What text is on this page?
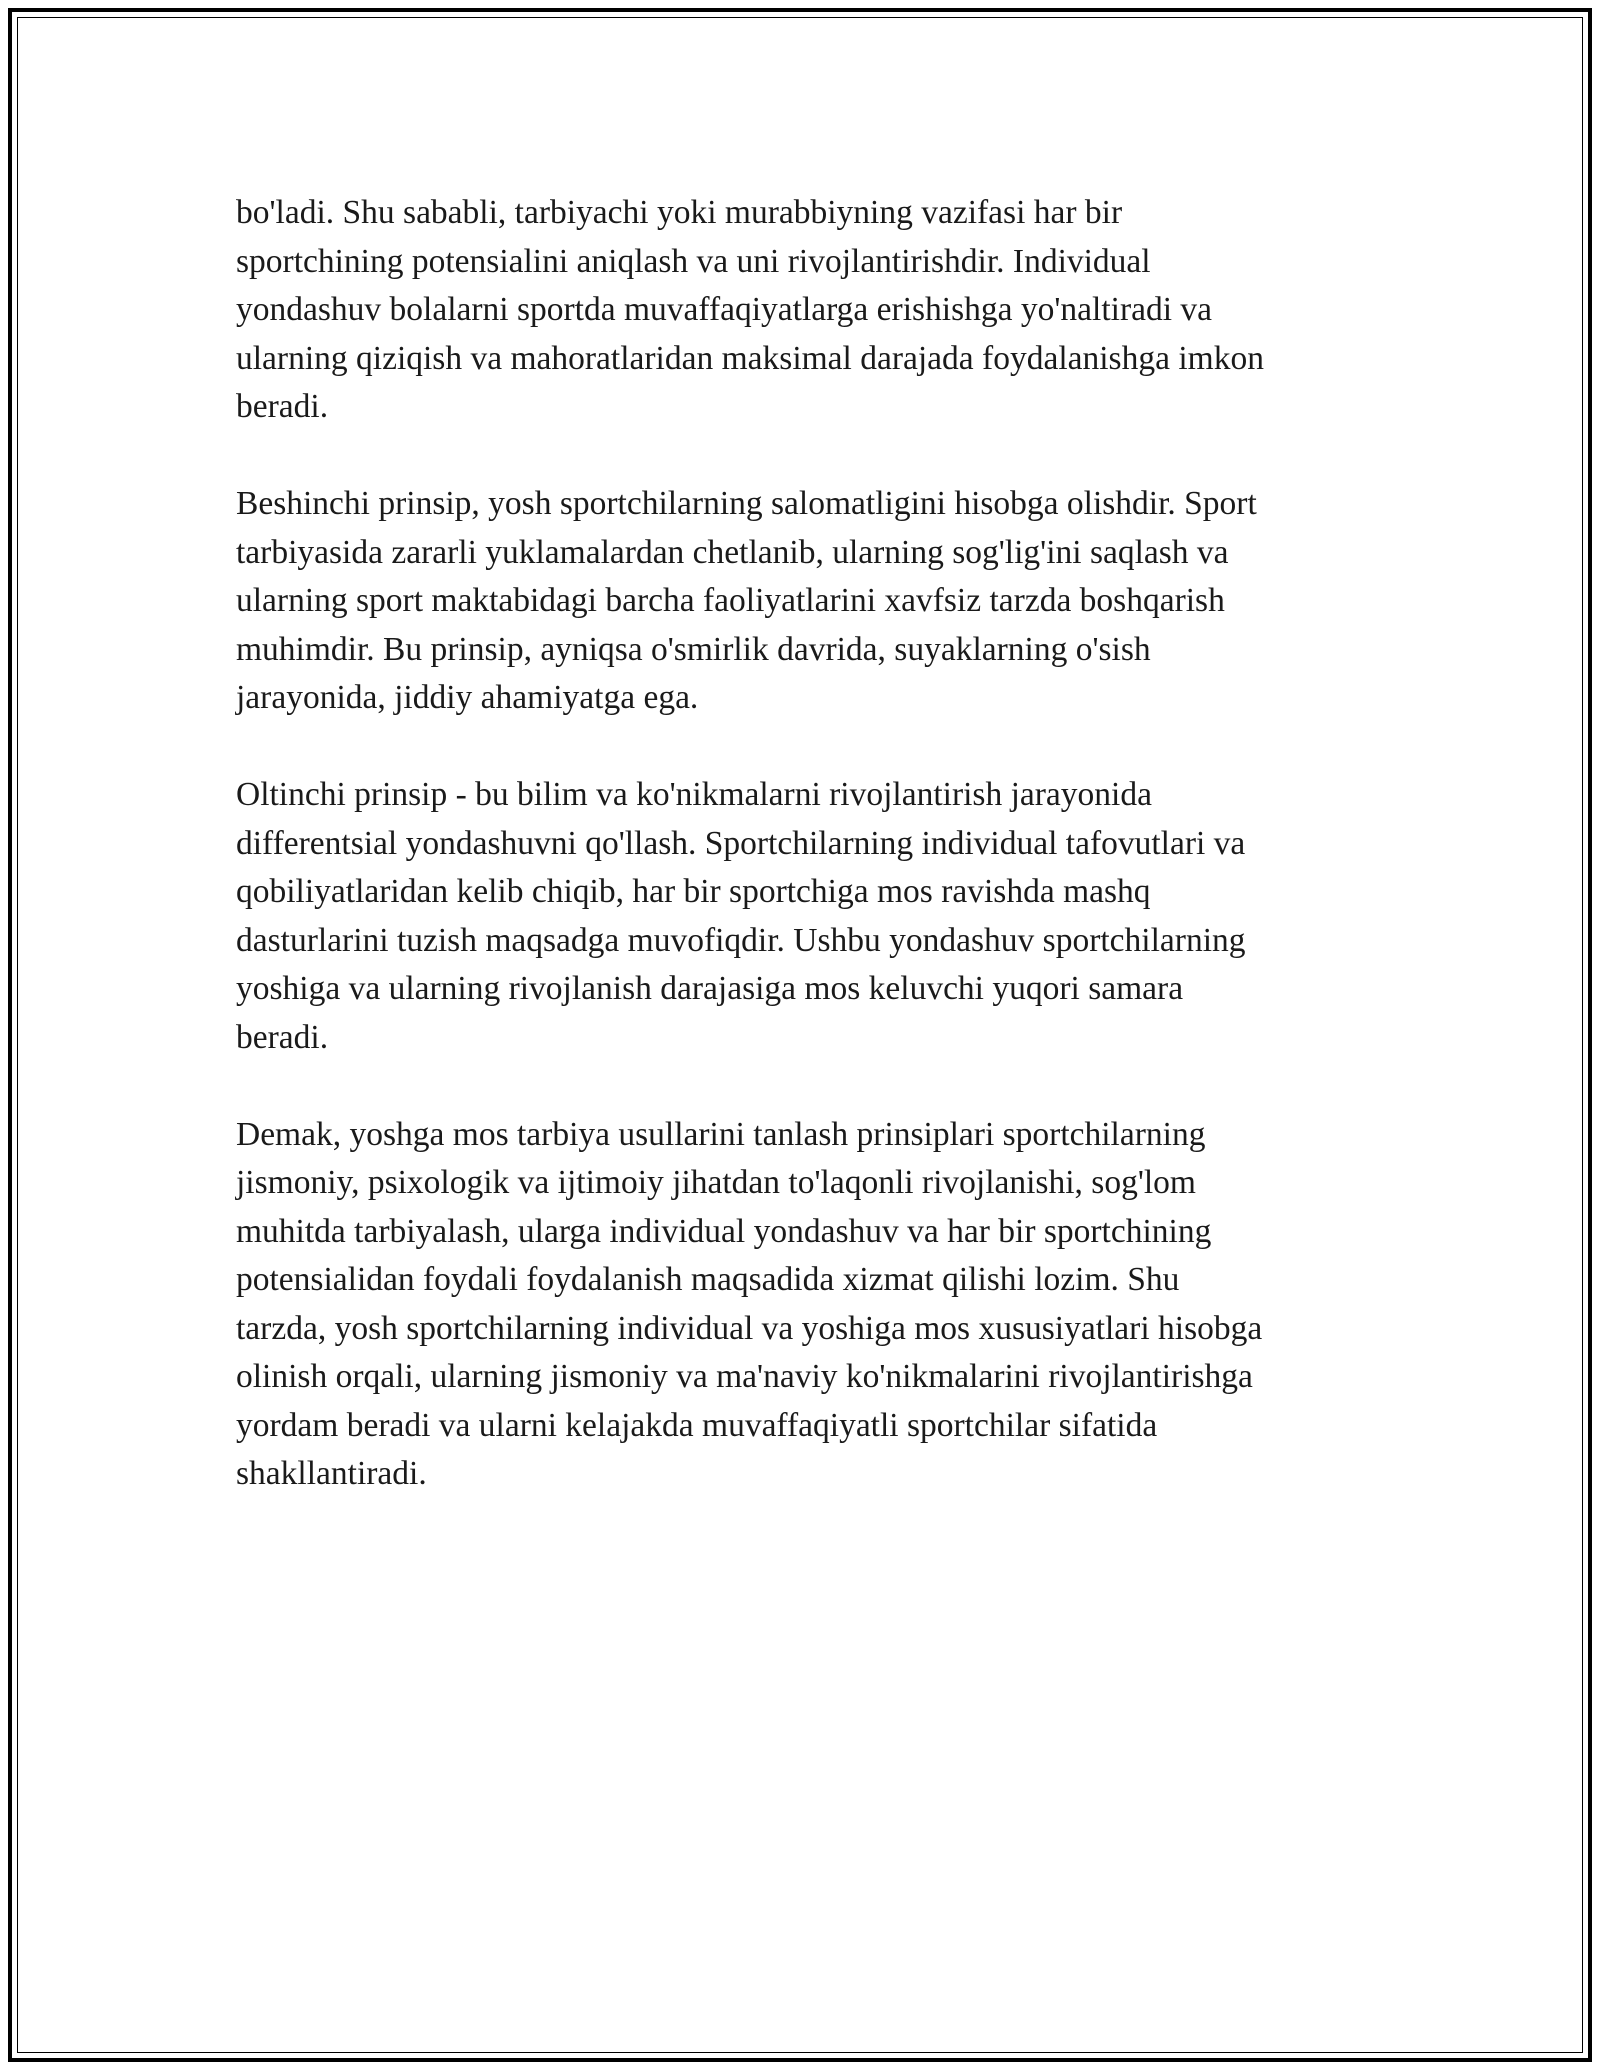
bo'ladi. Shu sababli, tarbiyachi yoki murabbiyning vazifasi har bir
sportchining potensialini aniqlash va uni rivojlantirishdir. Individual
yondashuv bolalarni sportda muvaffaqiyatlarga erishishga yo'naltiradi va
ularning qiziqish va mahoratlaridan maksimal darajada foydalanishga imkon
beradi.

Beshinchi prinsip, yosh sportchilarning salomatligini hisobga olishdir. Sport
tarbiyasida zararli yuklamalardan chetlanib, ularning sog'lig'ini saqlash va
ularning sport maktabidagi barcha faoliyatlarini xavfsiz tarzda boshqarish
muhimdir. Bu prinsip, ayniqsa o'smirlik davrida, suyaklarning o'sish
jarayonida, jiddiy ahamiyatga ega.

Oltinchi prinsip - bu bilim va ko'nikmalarni rivojlantirish jarayonida
differentsial yondashuvni qo'llash. Sportchilarning individual tafovutlari va
qobiliyatlaridan kelib chiqib, har bir sportchiga mos ravishda mashq
dasturlarini tuzish maqsadga muvofiqdir. Ushbu yondashuv sportchilarning
yoshiga va ularning rivojlanish darajasiga mos keluvchi yuqori samara
beradi.

Demak, yoshga mos tarbiya usullarini tanlash prinsiplari sportchilarning
jismoniy, psixologik va ijtimoiy jihatdan to'laqonli rivojlanishi, sog'lom
muhitda tarbiyalash, ularga individual yondashuv va har bir sportchining
potensialidan foydali foydalanish maqsadida xizmat qilishi lozim. Shu
tarzda, yosh sportchilarning individual va yoshiga mos xususiyatlari hisobga
olinish orqali, ularning jismoniy va ma'naviy ko'nikmalarini rivojlantirishga
yordam beradi va ularni kelajakda muvaffaqiyatli sportchilar sifatida
shakllantiradi.
